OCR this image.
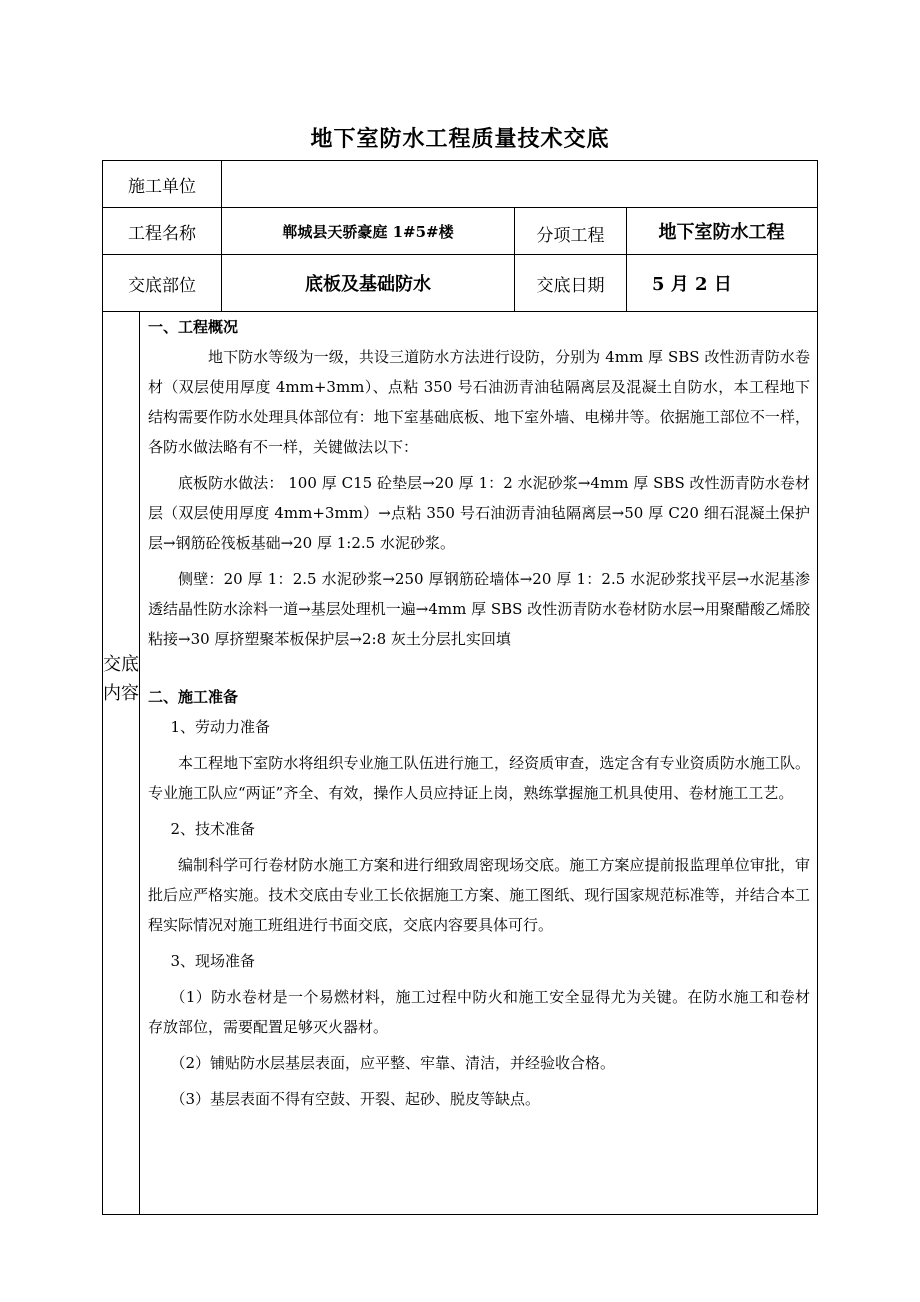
地下室防水工程质量技术交底
施工单位
工程名称	郸城县天骄豪庭 1#5#楼	分项工程	地下室防水工程
交底部位	底板及基础防水	交底日期	5 月 2 日
交底内容

一、工程概况

地下防水等级为一级，共设三道防水方法进行设防，分别为 4mm 厚 SBS 改性沥青防水卷材（双层使用厚度 4mm+3mm）、点粘 350 号石油沥青油毡隔离层及混凝土自防水，本工程地下结构需要作防水处理具体部位有：地下室基础底板、地下室外墙、电梯井等。依据施工部位不一样，各防水做法略有不一样，关键做法以下：

底板防水做法： 100 厚 C15 砼垫层→20 厚 1：2 水泥砂浆→4mm 厚 SBS 改性沥青防水卷材层（双层使用厚度 4mm+3mm）→点粘 350 号石油沥青油毡隔离层→50 厚 C20 细石混凝土保护层→钢筋砼筏板基础→20 厚 1:2.5 水泥砂浆。

侧壁：20 厚 1：2.5 水泥砂浆→250 厚钢筋砼墙体→20 厚 1：2.5 水泥砂浆找平层→水泥基渗透结晶性防水涂料一道→基层处理机一遍→4mm 厚 SBS 改性沥青防水卷材防水层→用聚醋酸乙烯胶粘接→30 厚挤塑聚苯板保护层→2:8 灰土分层扎实回填

二、施工准备

1、劳动力准备

本工程地下室防水将组织专业施工队伍进行施工，经资质审查，选定含有专业资质防水施工队。专业施工队应“两证”齐全、有效，操作人员应持证上岗，熟练掌握施工机具使用、卷材施工工艺。

2、技术准备

编制科学可行卷材防水施工方案和进行细致周密现场交底。施工方案应提前报监理单位审批，审批后应严格实施。技术交底由专业工长依据施工方案、施工图纸、现行国家规范标准等，并结合本工程实际情况对施工班组进行书面交底，交底内容要具体可行。

3、现场准备

（1）防水卷材是一个易燃材料，施工过程中防火和施工安全显得尤为关键。在防水施工和卷材存放部位，需要配置足够灭火器材。

（2）铺贴防水层基层表面，应平整、牢靠、清洁，并经验收合格。

（3）基层表面不得有空鼓、开裂、起砂、脱皮等缺点。
